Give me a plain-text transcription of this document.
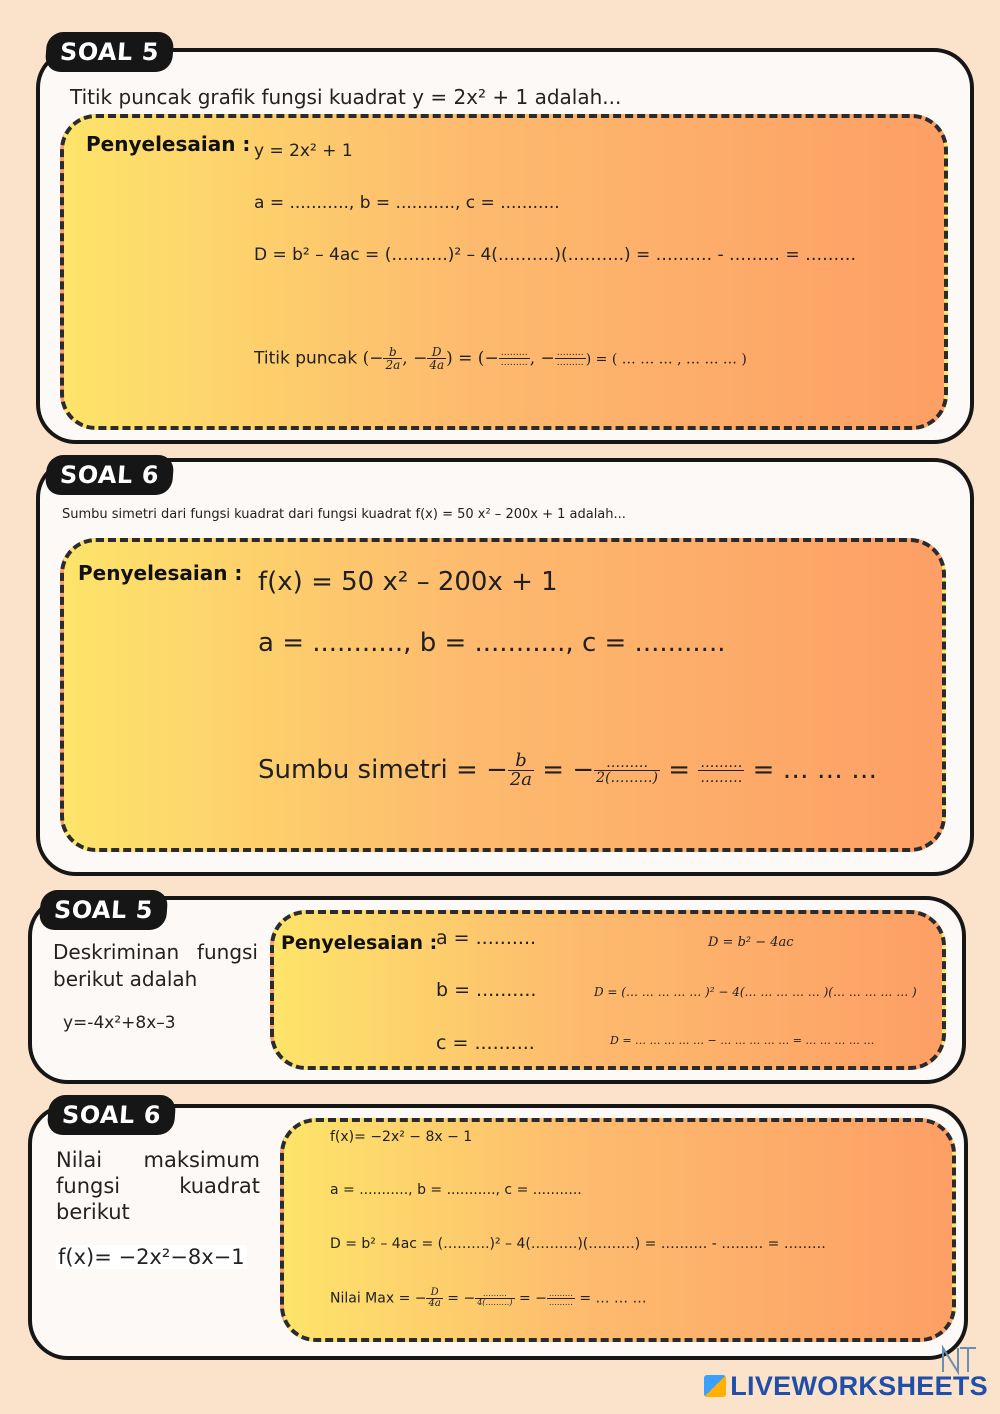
SOAL 5
Titik puncak grafik fungsi kuadrat y = 2x² + 1 adalah...
Penyelesaian : y = 2x² + 1
a = ..........., b = ..........., c = ...........
D = b² – 4ac = (……….)² – 4(……….)(……….) = ………. - ……… = ………
Titik puncak (− $\frac{b}{2a}$ , − $\frac{D}{4a}$ ) = (− $\frac{\dots\dots\dots}{\dots\dots\dots}$ , − $\frac{\dots\dots\dots}{\dots\dots\dots}$ ) = ( … … … , … … … )
SOAL 6
Sumbu simetri dari fungsi kuadrat dari fungsi kuadrat f(x) = 50 x² – 200x + 1 adalah...
Penyelesaian : f(x) = 50 x² – 200x + 1
a = ..........., b = ..........., c = ...........
Sumbu simetri = − $\frac{b}{2a}$ = − $\frac{\dots\dots\dots}{2(\dots\dots\dots)} = \frac{\dots\dots\dots}{\dots\dots\dots}$ = … … …
SOAL 5
Deskriminan fungsi
berikut adalah
y=-4x²+8x–3
Penyelesaian :
a = ..........
b = ..........
c = ..........
D = b² − 4ac
D = (… … … … … )² − 4(… … … … … )(… … … … … )
D = … … … … … − … … … … … = … … … … …
SOAL 6
Nilai maksimum
fungsi kuadrat
berikut
f(x)= −2x²−8x−1
f(x)= −2x² − 8x − 1
a = ..........., b = ..........., c = ...........
D = b² – 4ac = (……….)² – 4(……….)(……….) = ………. - ……… = ………
Nilai Max = − $\frac{D}{4a}$ = − $\frac{\dots\dots\dots}{4(\dots\dots\dots)}$ = − $\frac{\dots\dots\dots}{\dots\dots\dots}$ = … … …
LIVEWORKSHEETS
